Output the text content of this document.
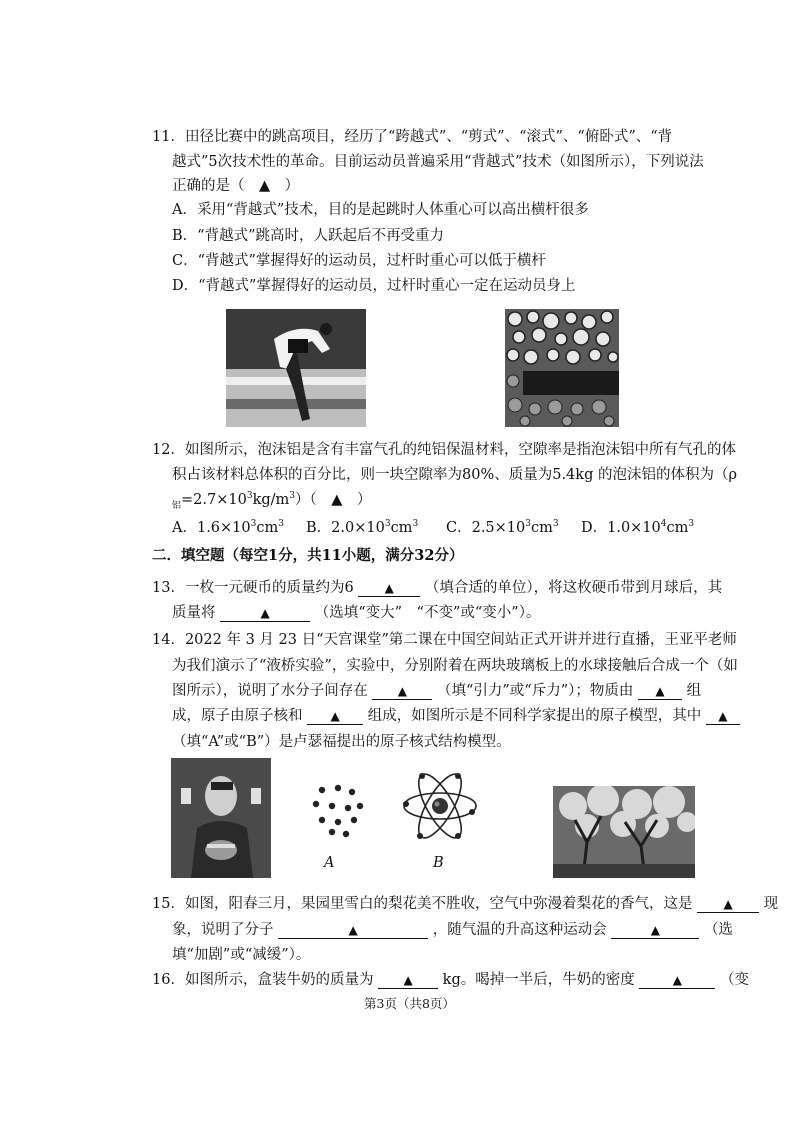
11．田径比赛中的跳高项目，经历了“跨越式”、“剪式”、“滚式”、“俯卧式”、“背
越式”5次技术性的革命。目前运动员普遍采用“背越式”技术（如图所示），下列说法
正确的是（　▲　）
A．采用“背越式”技术，目的是起跳时人体重心可以高出横杆很多
B．“背越式”跳高时，人跃起后不再受重力
C．“背越式”掌握得好的运动员，过杆时重心可以低于横杆
D．“背越式”掌握得好的运动员，过杆时重心一定在运动员身上
12．如图所示，泡沫铝是含有丰富气孔的纯铝保温材料，空隙率是指泡沫铝中所有气孔的体
积占该材料总体积的百分比，则一块空隙率为80%、质量为5.4kg 的泡沫铝的体积为（ρ
$_铝=2.7\times 10^3kg/m^3$）（　▲　）
A．$1.6\times 10^3cm^3$ B．$2.0\times 10^3cm^3$ C．$2.5\times 10^3cm^3$ D．$1.0\times 10^4cm^3$
二．填空题（每空1分，共11小题，满分32分）
13．一枚一元硬币的质量约为6	▲ （填合适的单位），将这枚硬币带到月球后，其
质量将	▲	（选填“变大”　“不变”或“变小”）。
14．2022 年 3 月 23 日“天宫课堂”第二课在中国空间站正式开讲并进行直播，王亚平老师
为我们演示了“液桥实验”，实验中，分别附着在两块玻璃板上的水球接触后合成一个（如
图所示），说明了水分子间存在 ▲ （填“引力”或“斥力”）；物质由 ▲ 组
成，原子由原子核和 ▲ 组成，如图所示是不同科学家提出的原子模型，其中 ▲
（填“A”或“B”）是卢瑟福提出的原子核式结构模型。
A	B
15．如图，阳春三月，果园里雪白的梨花美不胜收，空气中弥漫着梨花的香气，这是	▲ 现
象，说明了分子	▲	，随气温的升高这种运动会	▲	（选
填“加剧”或“减缓”）。
16．如图所示，盒装牛奶的质量为 ▲ kg。喝掉一半后，牛奶的密度	▲	（变
第3页（共8页）
